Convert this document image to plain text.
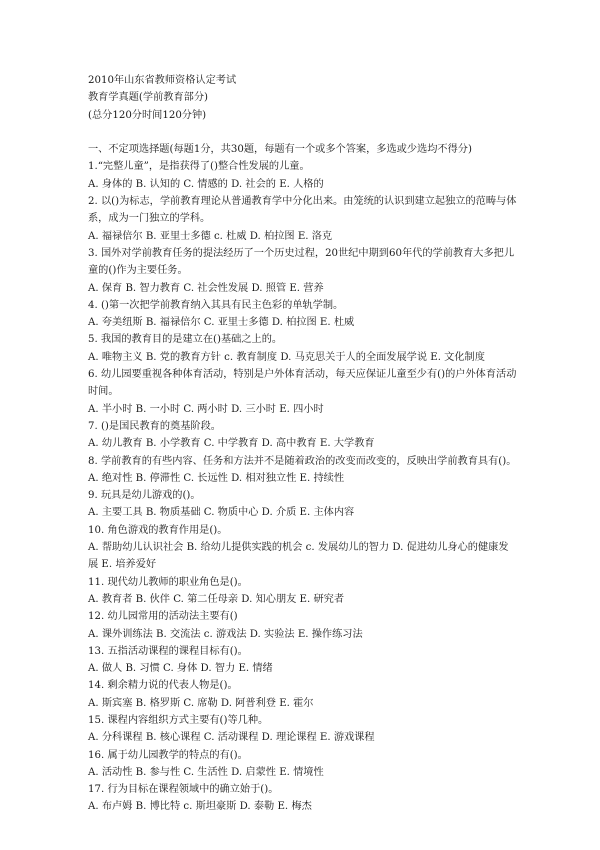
2010年山东省教师资格认定考试
教育学真题(学前教育部分)
(总分120分时间120分钟)
一、不定项选择题(每题1分，共30题，每题有一个或多个答案，多选或少选均不得分)
1.“完整儿童”，是指获得了()整合性发展的儿童。
A. 身体的 B. 认知的 C. 情感的 D. 社会的 E. 人格的
2. 以()为标志，学前教育理论从普通教育学中分化出来。由笼统的认识到建立起独立的范畴与体系，成为一门独立的学科。
A. 福禄倍尔 B. 亚里士多德 c. 杜威 D. 柏拉图 E. 洛克
3. 国外对学前教育任务的提法经历了一个历史过程，20世纪中期到60年代的学前教育大多把儿童的()作为主要任务。
A. 保育 B. 智力教育 C. 社会性发展 D. 照管 E. 营养
4. ()第一次把学前教育纳入其具有民主色彩的单轨学制。
A. 夸美纽斯 B. 福禄倍尔 C. 亚里士多德 D. 柏拉图 E. 杜威
5. 我国的教育目的是建立在()基础之上的。
A. 唯物主义 B. 党的教育方针 c. 教育制度 D. 马克思关于人的全面发展学说 E. 文化制度
6. 幼儿园要重视各种体育活动，特别是户外体育活动，每天应保证儿童至少有()的户外体育活动时间。
A. 半小时 B. 一小时 C. 两小时 D. 三小时 E. 四小时
7. ()是国民教育的奠基阶段。
A. 幼儿教育 B. 小学教育 C. 中学教育 D. 高中教育 E. 大学教育
8. 学前教育的有些内容、任务和方法并不是随着政治的改变而改变的，反映出学前教育具有()。
A. 绝对性 B. 停滞性 C. 长远性 D. 相对独立性 E. 持续性
9. 玩具是幼儿游戏的()。
A. 主要工具 B. 物质基础 C. 物质中心 D. 介质 E. 主体内容
10. 角色游戏的教育作用是()。
A. 帮助幼儿认识社会 B. 给幼儿提供实践的机会 c. 发展幼儿的智力 D. 促进幼儿身心的健康发展 E. 培养爱好
11. 现代幼儿教师的职业角色是()。
A. 教育者 B. 伙伴 C. 第二任母亲 D. 知心朋友 E. 研究者
12. 幼儿园常用的活动法主要有()
A. 课外训练法 B. 交流法 c. 游戏法 D. 实验法 E. 操作练习法
13. 五指活动课程的课程目标有()。
A. 做人 B. 习惯 C. 身体 D. 智力 E. 情绪
14. 剩余精力说的代表人物是()。
A. 斯宾塞 B. 格罗斯 C. 席勒 D. 阿普利登 E. 霍尔
15. 课程内容组织方式主要有()等几种。
A. 分科课程 B. 核心课程 C. 活动课程 D. 理论课程 E. 游戏课程
16. 属于幼儿园教学的特点的有()。
A. 活动性 B. 参与性 C. 生活性 D. 启蒙性 E. 情境性
17. 行为目标在课程领域中的确立始于()。
A. 布卢姆 B. 博比特 c. 斯坦豪斯 D. 泰勒 E. 梅杰
